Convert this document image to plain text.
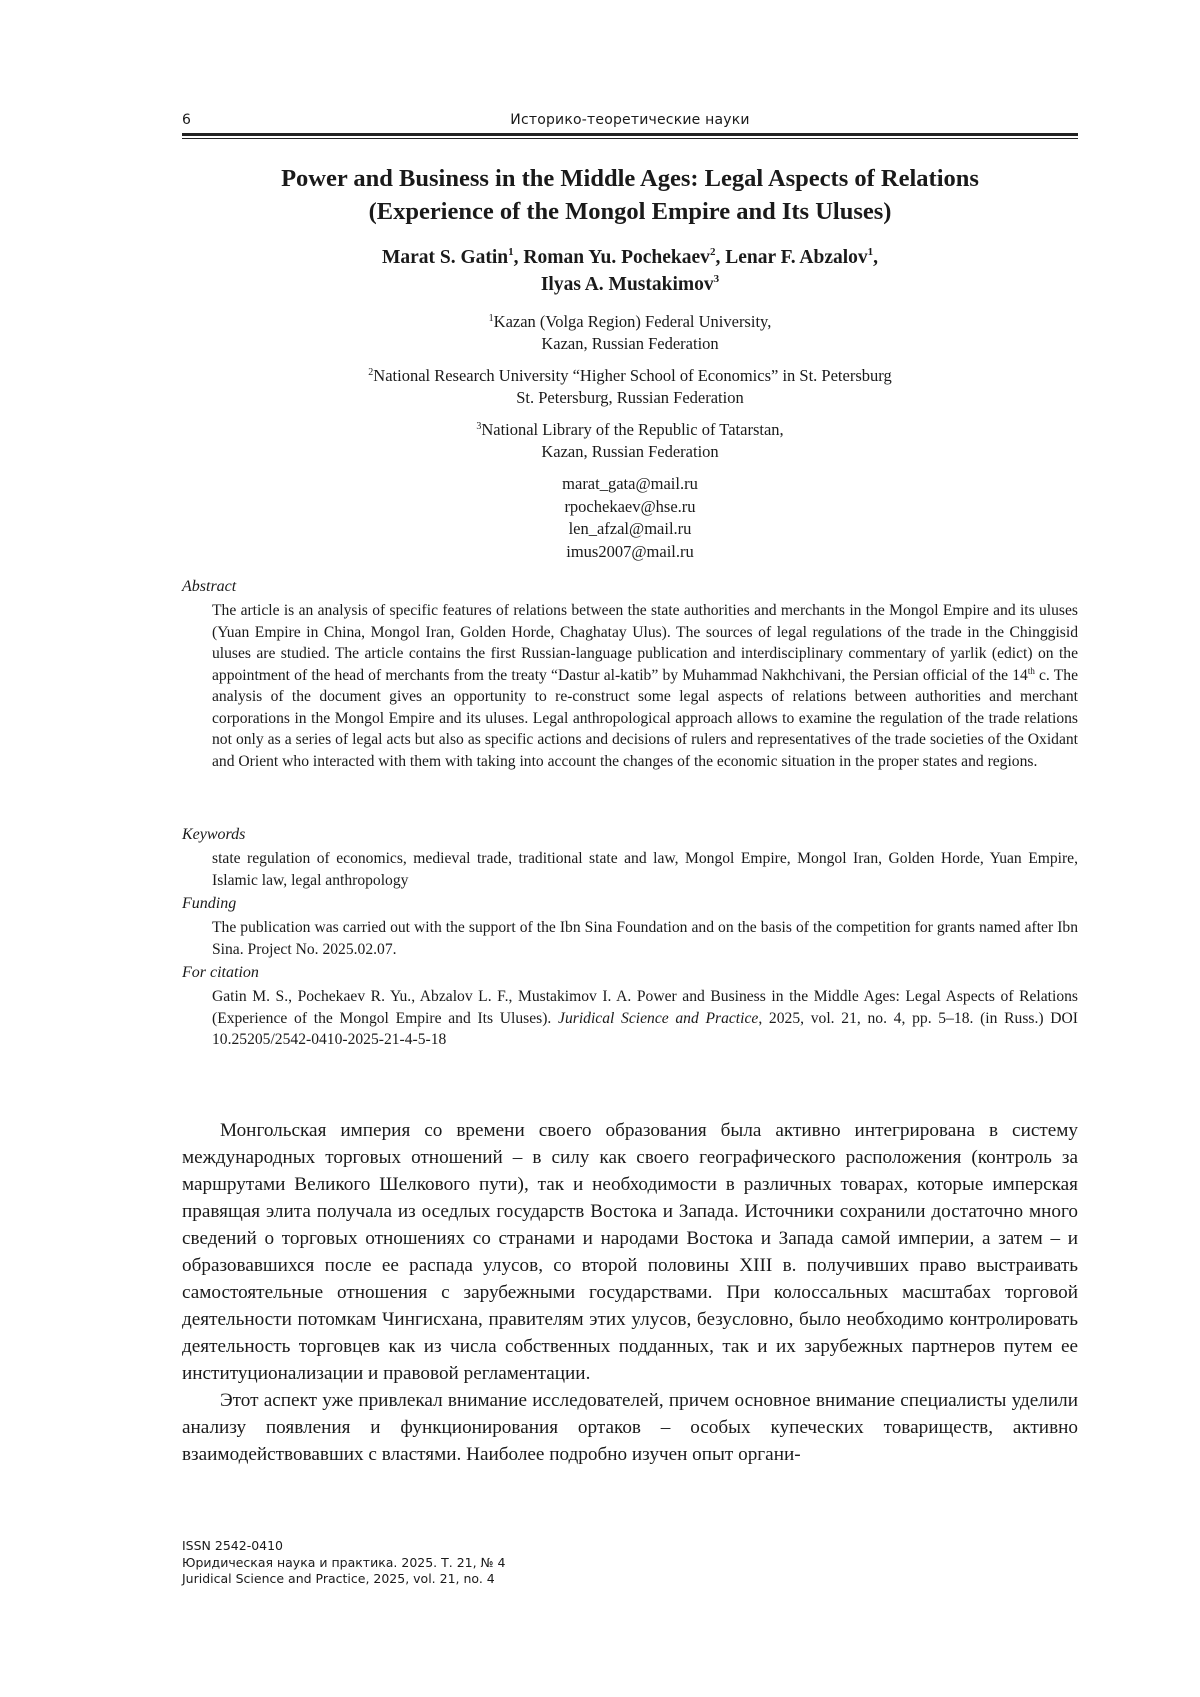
6	Историко-теоретические науки
Power and Business in the Middle Ages: Legal Aspects of Relations
(Experience of the Mongol Empire and Its Uluses)
Marat S. Gatin$^1$, Roman Yu. Pochekaev$^2$, Lenar F. Abzalov$^1$,
Ilyas A. Mustakimov$^3$
$^1$Kazan (Volga Region) Federal University,
Kazan, Russian Federation
$^2$National Research University “Higher School of Economics” in St. Petersburg
St. Petersburg, Russian Federation
$^3$National Library of the Republic of Tatarstan,
Kazan, Russian Federation
marat_gata@mail.ru
rpochekaev@hse.ru
len_afzal@mail.ru
imus2007@mail.ru
Abstract
The article is an analysis of specific features of relations between the state authorities and merchants in the Mongol Empire and its uluses (Yuan Empire in China, Mongol Iran, Golden Horde, Chaghatay Ulus). The sources of legal regulations of the trade in the Chinggisid uluses are studied. The article contains the first Russian-language publication and interdisciplinary commentary of yarlik (edict) on the appointment of the head of merchants from the treaty “Dastur al-katib” by Muhammad Nakhchivani, the Persian official of the 14th c. The analysis of the document gives an opportunity to re-construct some legal aspects of relations between authorities and merchant corporations in the Mongol Empire and its uluses. Legal anthropological approach allows to examine the regulation of the trade relations not only as a series of legal acts but also as specific actions and decisions of rulers and representatives of the trade societies of the Oxidant and Orient who interacted with them with taking into account the changes of the economic situation in the proper states and regions.
Keywords
state regulation of economics, medieval trade, traditional state and law, Mongol Empire, Mongol Iran, Golden Horde, Yuan Empire, Islamic law, legal anthropology
Funding
The publication was carried out with the support of the Ibn Sina Foundation and on the basis of the competition for grants named after Ibn Sina. Project No. 2025.02.07.
For citation
Gatin M. S., Pochekaev R. Yu., Abzalov L. F., Mustakimov I. A. Power and Business in the Middle Ages: Legal Aspects of Relations (Experience of the Mongol Empire and Its Uluses). Juridical Science and Practice, 2025, vol. 21, no. 4, pp. 5–18. (in Russ.) DOI 10.25205/2542-0410-2025-21-4-5-18

Монгольская империя со времени своего образования была активно интегрирована в систему международных торговых отношений – в силу как своего географического расположения (контроль за маршрутами Великого Шелкового пути), так и необходимости в различных товарах, которые имперская правящая элита получала из оседлых государств Востока и Запада. Источники сохранили достаточно много сведений о торговых отношениях со странами и народами Востока и Запада самой империи, а затем – и образовавшихся после ее распада улусов, со второй половины XIII в. получивших право выстраивать самостоятельные отношения с зарубежными государствами. При колоссальных масштабах торговой деятельности потомкам Чингисхана, правителям этих улусов, безусловно, было необходимо контролировать деятельность торговцев как из числа собственных подданных, так и их зарубежных партнеров путем ее институционализации и правовой регламентации.

Этот аспект уже привлекал внимание исследователей, причем основное внимание специалисты уделили анализу появления и функционирования ортаков – особых купеческих товариществ, активно взаимодействовавших с властями. Наиболее подробно изучен опыт органи-

ISSN 2542-0410
Юридическая наука и практика. 2025. Т. 21, № 4
Juridical Science and Practice, 2025, vol. 21, no. 4
